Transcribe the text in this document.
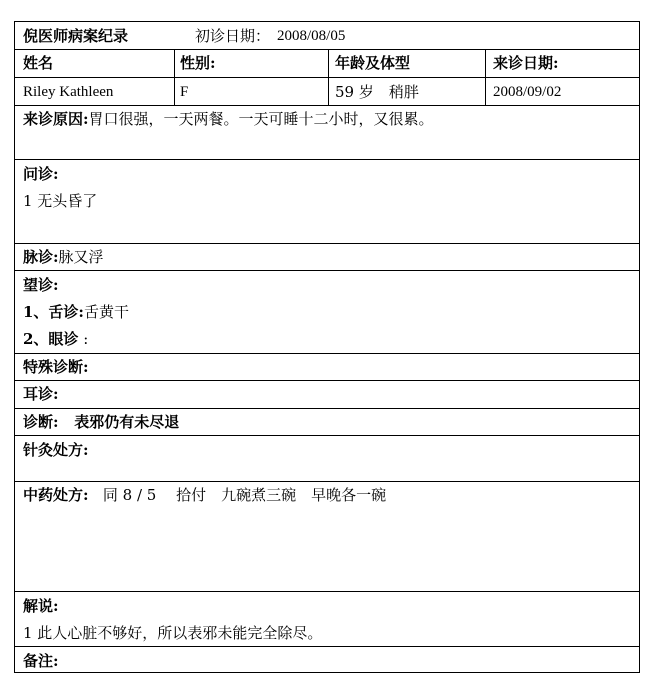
倪医师病案纪录	初诊日期： 2008/08/05
姓名	性别:	年龄及体型	来诊日期:
Riley Kathleen	F	59 岁　稍胖	2008/09/02
来诊原因:胃口很强，一天两餐。一天可睡十二小时，又很累。
问诊:
1 无头昏了
脉诊:脉又浮
望诊:
1、舌诊:舌黄干
2、眼诊 :
特殊诊断:
耳诊:
诊断: 表邪仍有未尽退
针灸处方:
中药处方: 同 8 / 5　 拾付　九碗煮三碗　早晚各一碗
解说:
1 此人心脏不够好，所以表邪未能完全除尽。
备注:
